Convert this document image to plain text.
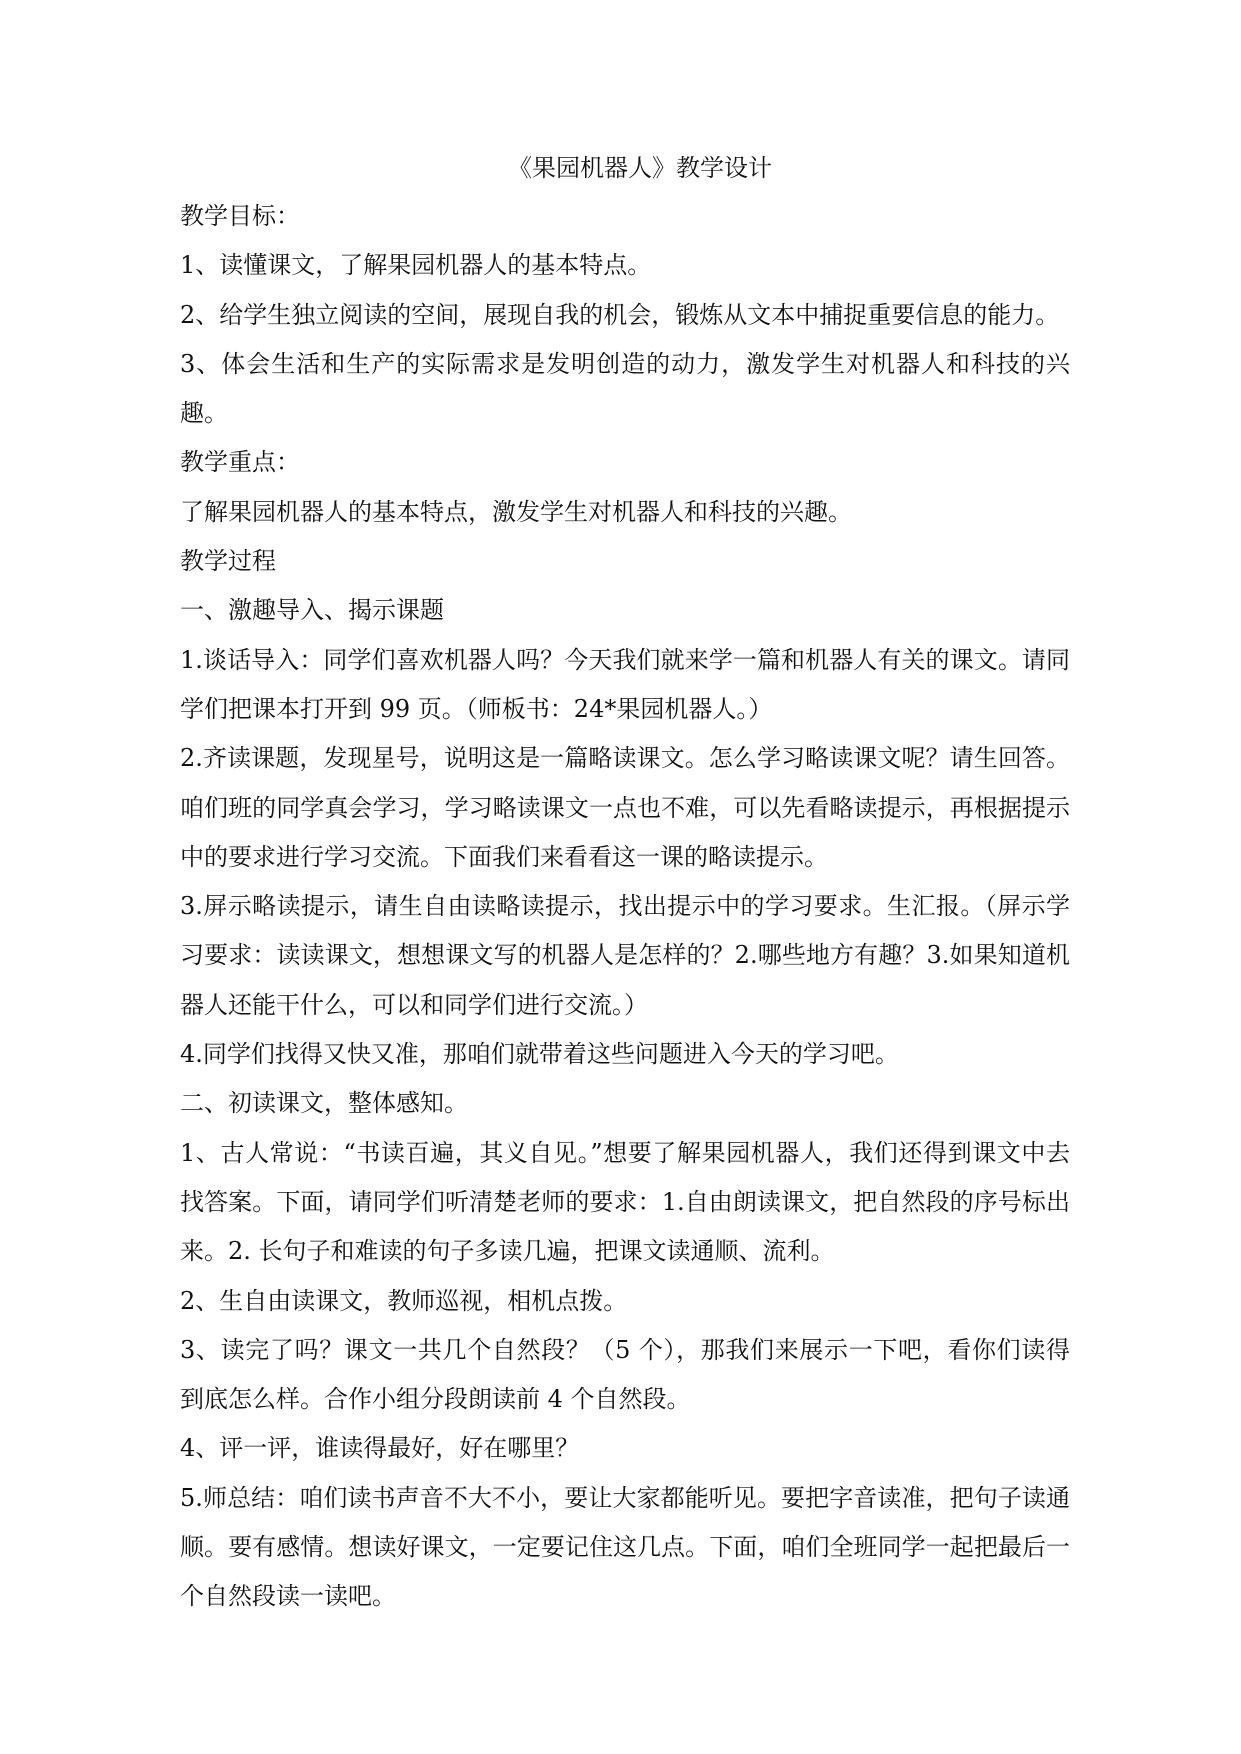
《果园机器人》教学设计

教学目标：

1、读懂课文，了解果园机器人的基本特点。

2、给学生独立阅读的空间，展现自我的机会，锻炼从文本中捕捉重要信息的能力。

3、体会生活和生产的实际需求是发明创造的动力，激发学生对机器人和科技的兴趣。

教学重点：

了解果园机器人的基本特点，激发学生对机器人和科技的兴趣。

教学过程

一、激趣导入、揭示课题

1.谈话导入：同学们喜欢机器人吗？今天我们就来学一篇和机器人有关的课文。请同学们把课本打开到 99 页。（师板书：24*果园机器人。）

2.齐读课题，发现星号，说明这是一篇略读课文。怎么学习略读课文呢？请生回答。咱们班的同学真会学习，学习略读课文一点也不难，可以先看略读提示，再根据提示中的要求进行学习交流。下面我们来看看这一课的略读提示。

3.屏示略读提示，请生自由读略读提示，找出提示中的学习要求。生汇报。（屏示学习要求：读读课文，想想课文写的机器人是怎样的？2.哪些地方有趣？3.如果知道机器人还能干什么，可以和同学们进行交流。）

4.同学们找得又快又准，那咱们就带着这些问题进入今天的学习吧。

二、初读课文，整体感知。

1、古人常说：“书读百遍，其义自见。”想要了解果园机器人，我们还得到课文中去找答案。下面，请同学们听清楚老师的要求：1.自由朗读课文，把自然段的序号标出来。2. 长句子和难读的句子多读几遍，把课文读通顺、流利。

2、生自由读课文，教师巡视，相机点拨。

3、读完了吗？课文一共几个自然段？（5 个），那我们来展示一下吧，看你们读得到底怎么样。合作小组分段朗读前 4 个自然段。

4、评一评，谁读得最好，好在哪里？

5.师总结：咱们读书声音不大不小，要让大家都能听见。要把字音读准，把句子读通顺。要有感情。想读好课文，一定要记住这几点。下面，咱们全班同学一起把最后一个自然段读一读吧。
